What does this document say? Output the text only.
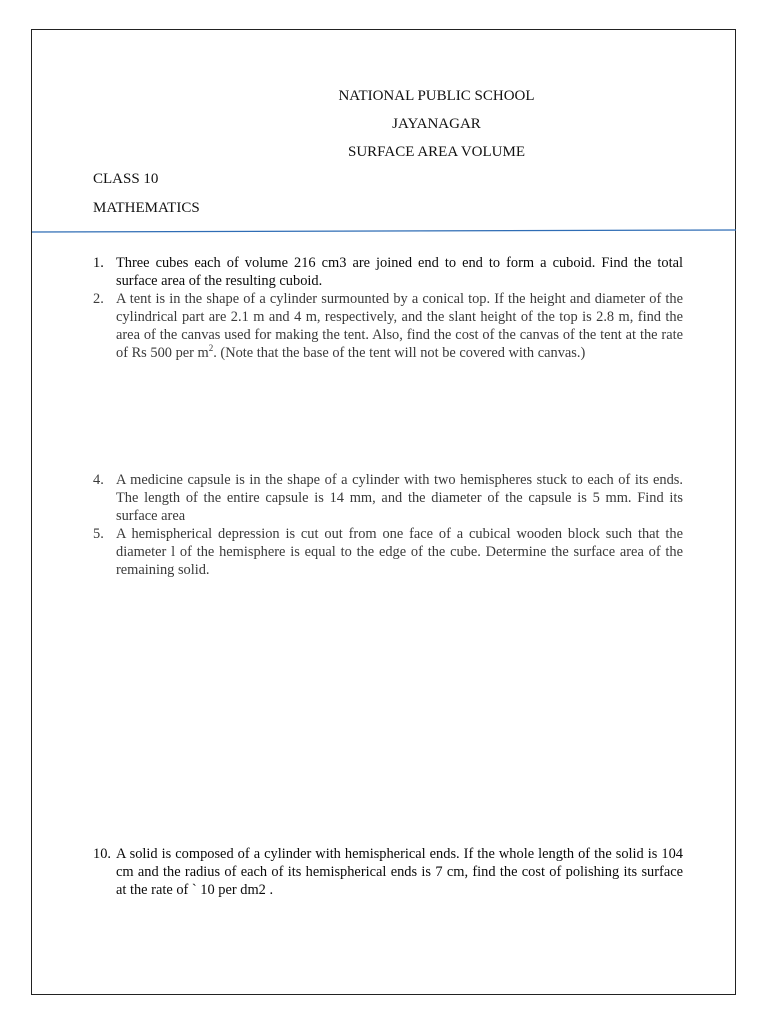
NATIONAL PUBLIC SCHOOL
JAYANAGAR
SURFACE AREA VOLUME
CLASS 10
MATHEMATICS
1. Three cubes each of volume 216 cm3 are joined end to end to form a cuboid. Find the total surface area of the resulting cuboid.
2. A tent is in the shape of a cylinder surmounted by a conical top. If the height and diameter of the cylindrical part are 2.1 m and 4 m, respectively, and the slant height of the top is 2.8 m, find the area of the canvas used for making the tent. Also, find the cost of the canvas of the tent at the rate of Rs 500 per $m^2$. (Note that the base of the tent will not be covered with canvas.)
4. A medicine capsule is in the shape of a cylinder with two hemispheres stuck to each of its ends. The length of the entire capsule is 14 mm, and the diameter of the capsule is 5 mm. Find its surface area
5. A hemispherical depression is cut out from one face of a cubical wooden block such that the diameter l of the hemisphere is equal to the edge of the cube. Determine the surface area of the remaining solid.
10. A solid is composed of a cylinder with hemispherical ends. If the whole length of the solid is 104 cm and the radius of each of its hemispherical ends is 7 cm, find the cost of polishing its surface at the rate of ` 10 per dm2 .
